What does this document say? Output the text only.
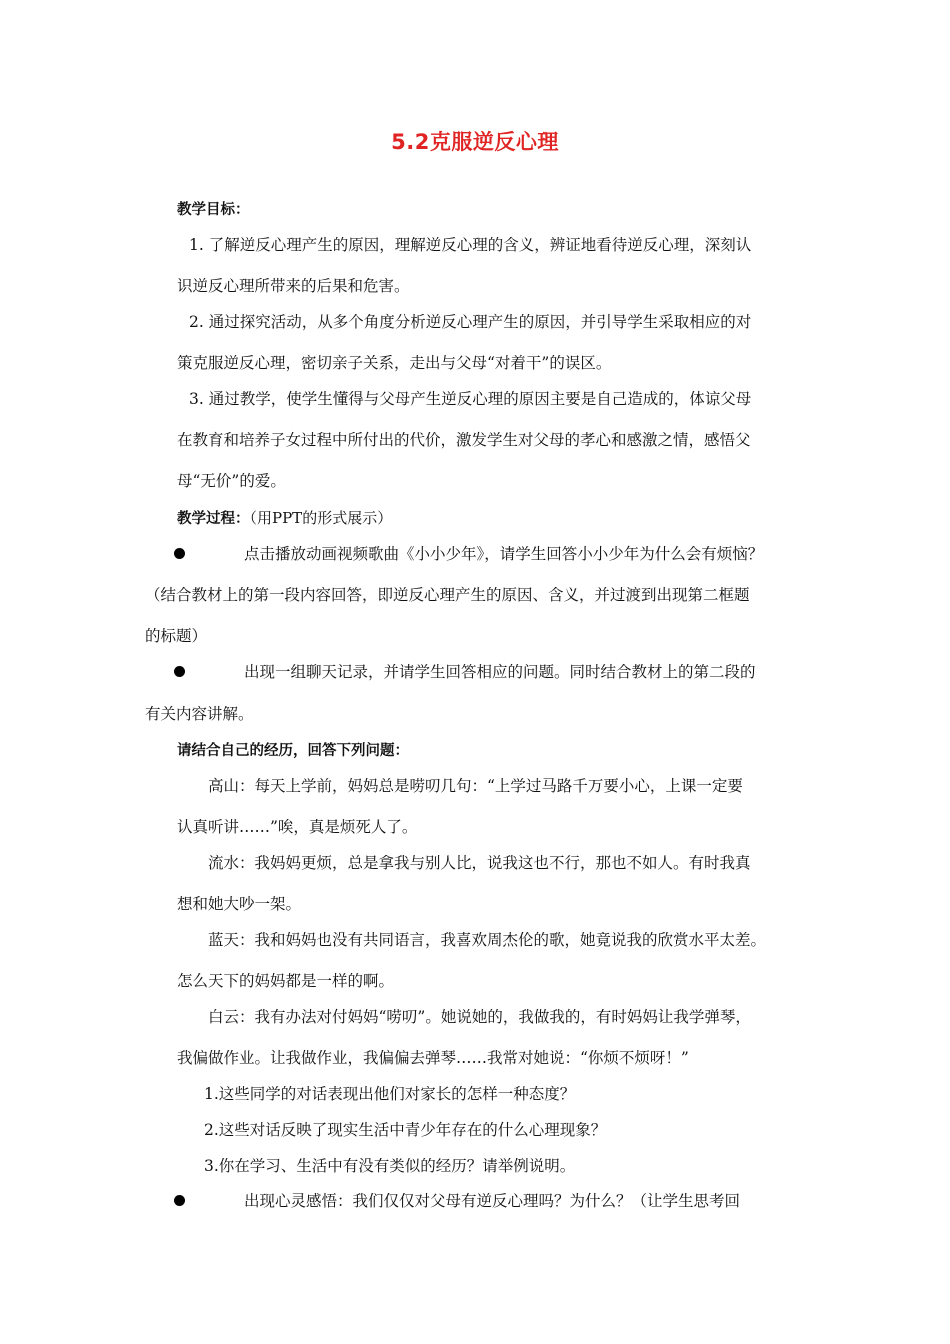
5.2克服逆反心理
教学目标：
1. 了解逆反心理产生的原因，理解逆反心理的含义，辨证地看待逆反心理，深刻认
识逆反心理所带来的后果和危害。
2. 通过探究活动，从多个角度分析逆反心理产生的原因，并引导学生采取相应的对
策克服逆反心理，密切亲子关系，走出与父母“对着干”的误区。
3. 通过教学，使学生懂得与父母产生逆反心理的原因主要是自己造成的，体谅父母
在教育和培养子女过程中所付出的代价，激发学生对父母的孝心和感激之情，感悟父
母“无价”的爱。
教学过程：（用PPT的形式展示）
点击播放动画视频歌曲《小小少年》，请学生回答小小少年为什么会有烦恼？
（结合教材上的第一段内容回答，即逆反心理产生的原因、含义，并过渡到出现第二框题
的标题）
出现一组聊天记录，并请学生回答相应的问题。同时结合教材上的第二段的
有关内容讲解。
请结合自己的经历，回答下列问题：
高山：每天上学前，妈妈总是唠叨几句：“上学过马路千万要小心，上课一定要
认真听讲……”唉，真是烦死人了。
流水：我妈妈更烦，总是拿我与别人比，说我这也不行，那也不如人。有时我真
想和她大吵一架。
蓝天：我和妈妈也没有共同语言，我喜欢周杰伦的歌，她竟说我的欣赏水平太差。
怎么天下的妈妈都是一样的啊。
白云：我有办法对付妈妈“唠叨”。她说她的，我做我的，有时妈妈让我学弹琴，
我偏做作业。让我做作业，我偏偏去弹琴……我常对她说：“你烦不烦呀！”
1.这些同学的对话表现出他们对家长的怎样一种态度？
2.这些对话反映了现实生活中青少年存在的什么心理现象？
3.你在学习、生活中有没有类似的经历？请举例说明。
出现心灵感悟：我们仅仅对父母有逆反心理吗？为什么？（让学生思考回
